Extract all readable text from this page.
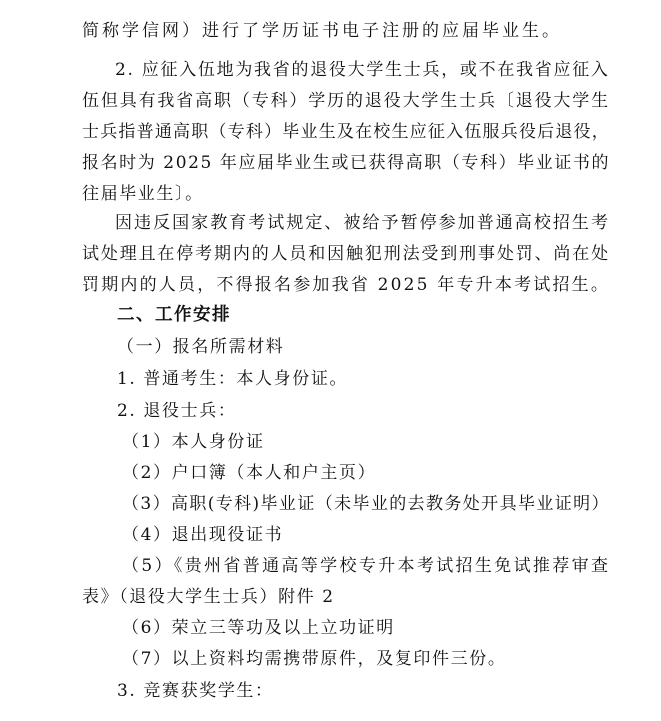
简称学信网）进行了学历证书电子注册的应届毕业生。
2. 应征入伍地为我省的退役大学生士兵，或不在我省应征入
伍但具有我省高职（专科）学历的退役大学生士兵〔退役大学生
士兵指普通高职（专科）毕业生及在校生应征入伍服兵役后退役，
报名时为 2025 年应届毕业生或已获得高职（专科）毕业证书的
往届毕业生〕。
因违反国家教育考试规定、被给予暂停参加普通高校招生考
试处理且在停考期内的人员和因触犯刑法受到刑事处罚、尚在处
罚期内的人员，不得报名参加我省 2025 年专升本考试招生。
二、工作安排
（一）报名所需材料
1. 普通考生：本人身份证。
2. 退役士兵：
（1）本人身份证
（2）户口簿（本人和户主页）
（3）高职(专科)毕业证（未毕业的去教务处开具毕业证明）
（4）退出现役证书
（5）《贵州省普通高等学校专升本考试招生免试推荐审查
表》（退役大学生士兵）附件 2
（6）荣立三等功及以上立功证明
（7）以上资料均需携带原件，及复印件三份。
3. 竞赛获奖学生：
